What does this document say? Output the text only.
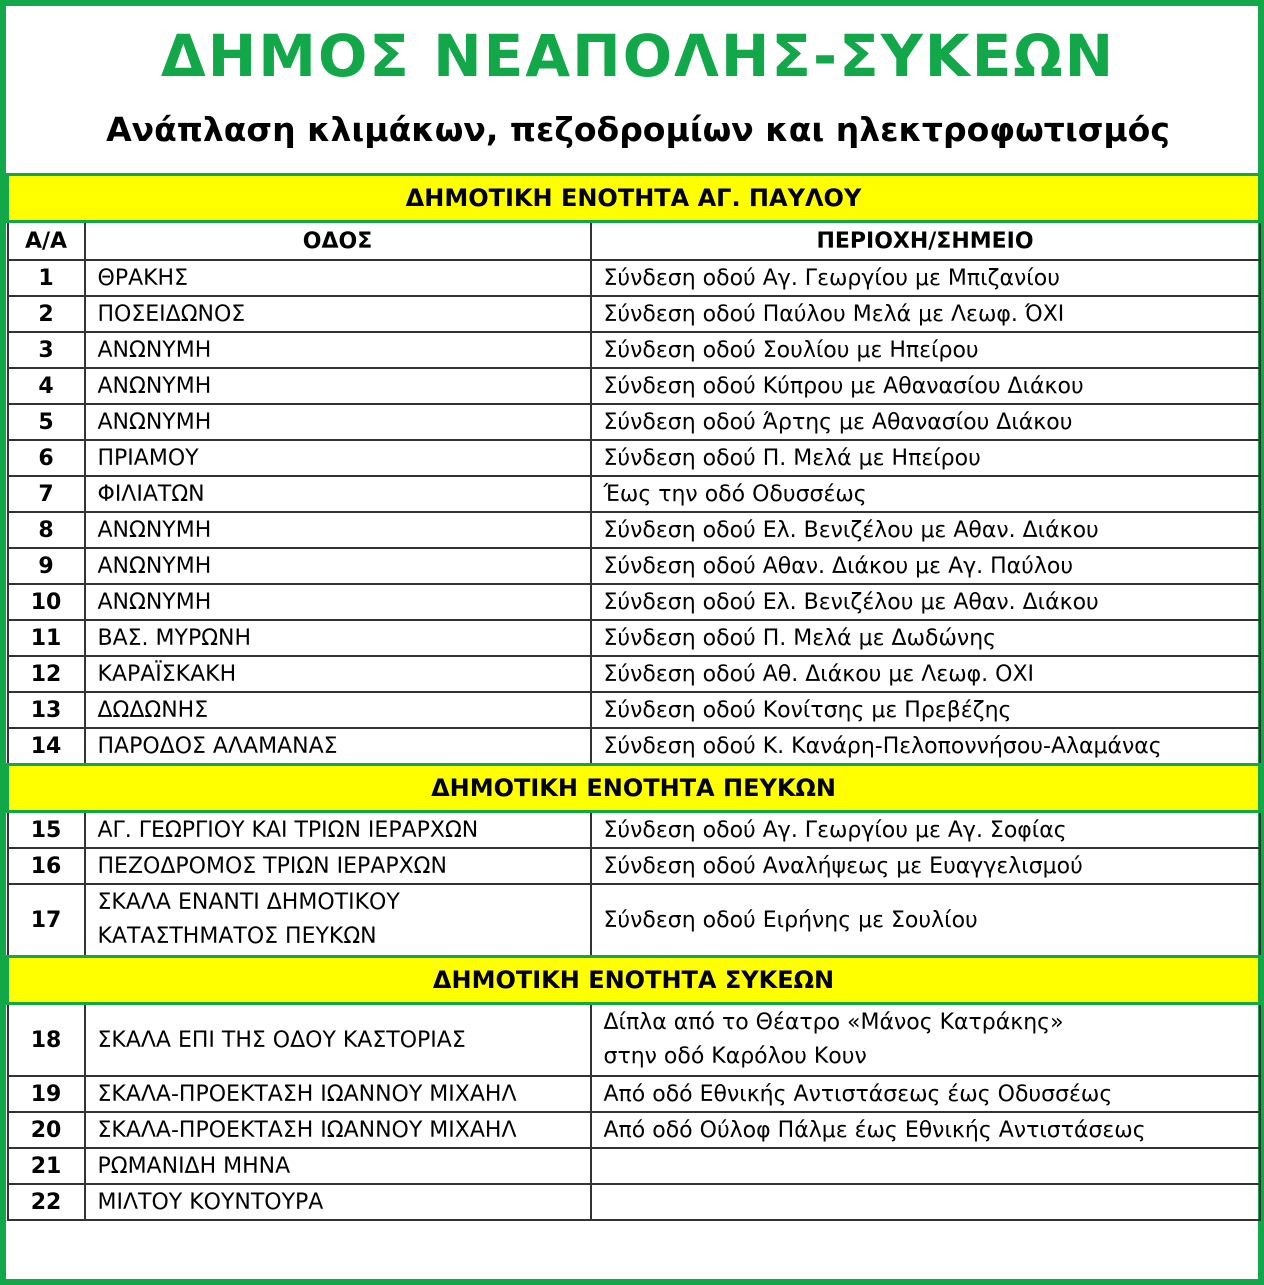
ΔΗΜΟΣ ΝΕΑΠΟΛΗΣ-ΣΥΚΕΩΝ
Ανάπλαση κλιμάκων, πεζοδρομίων και ηλεκτροφωτισμός
ΔΗΜΟΤΙΚΗ ΕΝΟΤΗΤΑ ΑΓ. ΠΑΥΛΟΥ		
Α/Α	ΟΔΟΣ	ΠΕΡΙΟΧΗ/ΣΗΜΕΙΟ
1	ΘΡΑΚΗΣ	Σύνδεση οδού Αγ. Γεωργίου με Μπιζανίου
2	ΠΟΣΕΙΔΩΝΟΣ	Σύνδεση οδού Παύλου Μελά με Λεωφ. ΌΧΙ
3	ΑΝΩΝΥΜΗ	Σύνδεση οδού Σουλίου με Ηπείρου
4	ΑΝΩΝΥΜΗ	Σύνδεση οδού Κύπρου με Αθανασίου Διάκου
5	ΑΝΩΝΥΜΗ	Σύνδεση οδού Άρτης με Αθανασίου Διάκου
6	ΠΡΙΑΜΟΥ	Σύνδεση οδού Π. Μελά με Ηπείρου
7	ΦΙΛΙΑΤΩΝ	Έως την οδό Οδυσσέως
8	ΑΝΩΝΥΜΗ	Σύνδεση οδού Ελ. Βενιζέλου με Αθαν. Διάκου
9	ΑΝΩΝΥΜΗ	Σύνδεση οδού Αθαν. Διάκου με Αγ. Παύλου
10	ΑΝΩΝΥΜΗ	Σύνδεση οδού Ελ. Βενιζέλου με Αθαν. Διάκου
11	ΒΑΣ. ΜΥΡΩΝΗ	Σύνδεση οδού Π. Μελά με Δωδώνης
12	ΚΑΡΑΪΣΚΑΚΗ	Σύνδεση οδού Αθ. Διάκου με Λεωφ. ΟΧΙ
13	ΔΩΔΩΝΗΣ	Σύνδεση οδού Κονίτσης με Πρεβέζης
14	ΠΑΡΟΔΟΣ ΑΛΑΜΑΝΑΣ	Σύνδεση οδού Κ. Κανάρη-Πελοποννήσου-Αλαμάνας
ΔΗΜΟΤΙΚΗ ΕΝΟΤΗΤΑ ΠΕΥΚΩΝ		
15	ΑΓ. ΓΕΩΡΓΙΟΥ ΚΑΙ ΤΡΙΩΝ ΙΕΡΑΡΧΩΝ	Σύνδεση οδού Αγ. Γεωργίου με Αγ. Σοφίας
16	ΠΕΖΟΔΡΟΜΟΣ ΤΡΙΩΝ ΙΕΡΑΡΧΩΝ	Σύνδεση οδού Αναλήψεως με Ευαγγελισμού
17	ΣΚΑΛΑ ΕΝΑΝΤΙ ΔΗΜΟΤΙΚΟΥ
ΚΑΤΑΣΤΗΜΑΤΟΣ ΠΕΥΚΩΝ	Σύνδεση οδού Ειρήνης με Σουλίου
ΔΗΜΟΤΙΚΗ ΕΝΟΤΗΤΑ ΣΥΚΕΩΝ		
18	ΣΚΑΛΑ ΕΠΙ ΤΗΣ ΟΔΟΥ ΚΑΣΤΟΡΙΑΣ	Δίπλα από το Θέατρο «Μάνος Κατράκης»
στην οδό Καρόλου Κουν

19	ΣΚΑΛΑ-ΠΡΟΕΚΤΑΣΗ ΙΩΑΝΝΟΥ ΜΙΧΑΗΛ	Από οδό Εθνικής Αντιστάσεως έως Οδυσσέως
20	ΣΚΑΛΑ-ΠΡΟΕΚΤΑΣΗ ΙΩΑΝΝΟΥ ΜΙΧΑΗΛ	Από οδό Ούλοφ Πάλμε έως Εθνικής Αντιστάσεως
21	ΡΩΜΑΝΙΔΗ ΜΗΝΑ	
22	ΜΙΛΤΟΥ ΚΟΥΝΤΟΥΡΑ	
